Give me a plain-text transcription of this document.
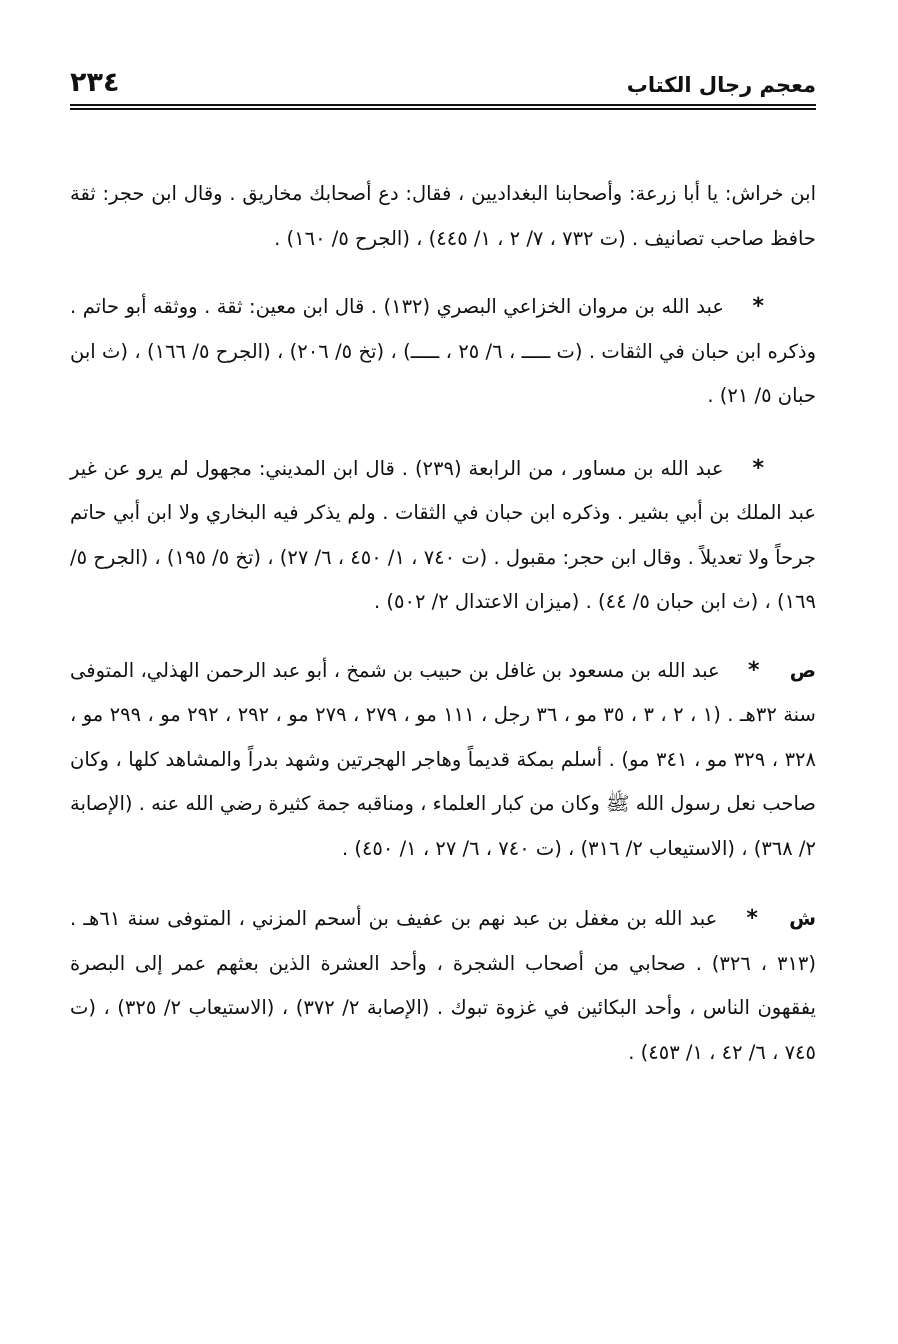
٢٣٤	معجم رجال الكتاب

ابن خراش: يا أبا زرعة: وأصحابنا البغداديين ، فقال: دع أصحابك مخاريق . وقال ابن حجر: ثقة حافظ صاحب تصانيف . (ت ٧٣٢ ، ٧/ ٢ ، ١/ ٤٤٥) ، (الجرح ٥/ ١٦٠) .

* عبد الله بن مروان الخزاعي البصري (١٣٢) . قال ابن معين: ثقة . ووثقه أبو حاتم . وذكره ابن حبان في الثقات . (ت ـــــ ، ٦/ ٢٥ ، ـــــ) ، (تخ ٥/ ٢٠٦) ، (الجرح ٥/ ١٦٦) ، (ث ابن حبان ٥/ ٢١) .

* عبد الله بن مساور ، من الرابعة (٢٣٩) . قال ابن المديني: مجهول لم يرو عن غير عبد الملك بن أبي بشير . وذكره ابن حبان في الثقات . ولم يذكر فيه البخاري ولا ابن أبي حاتم جرحاً ولا تعديلاً . وقال ابن حجر: مقبول . (ت ٧٤٠ ، ١/ ٤٥٠ ، ٦/ ٢٧) ، (تخ ٥/ ١٩٥) ، (الجرح ٥/ ١٦٩) ، (ث ابن حبان ٥/ ٤٤) . (ميزان الاعتدال ٢/ ٥٠٢) .

ص * عبد الله بن مسعود بن غافل بن حبيب بن شمخ ، أبو عبد الرحمن الهذلي، المتوفى سنة ٣٢هـ . (١ ، ٢ ، ٣ ، ٣٥ مو ، ٣٦ رجل ، ١١١ مو ، ٢٧٩ ، ٢٧٩ مو ، ٢٩٢ ، ٢٩٢ مو ، ٢٩٩ مو ، ٣٢٨ ، ٣٢٩ مو ، ٣٤١ مو) . أسلم بمكة قديماً وهاجر الهجرتين وشهد بدراً والمشاهد كلها ، وكان صاحب نعل رسول الله ﷺ وكان من كبار العلماء ، ومناقبه جمة كثيرة رضي الله عنه . (الإصابة ٢/ ٣٦٨) ، (الاستيعاب ٢/ ٣١٦) ، (ت ٧٤٠ ، ٦/ ٢٧ ، ١/ ٤٥٠) .

ش * عبد الله بن مغفل بن عبد نهم بن عفيف بن أسحم المزني ، المتوفى سنة ٦١هـ . (٣١٣ ، ٣٢٦) . صحابي من أصحاب الشجرة ، وأحد العشرة الذين بعثهم عمر إلى البصرة يفقهون الناس ، وأحد البكائين في غزوة تبوك . (الإصابة ٢/ ٣٧٢) ، (الاستيعاب ٢/ ٣٢٥) ، (ت ٧٤٥ ، ٦/ ٤٢ ، ١/ ٤٥٣) .
